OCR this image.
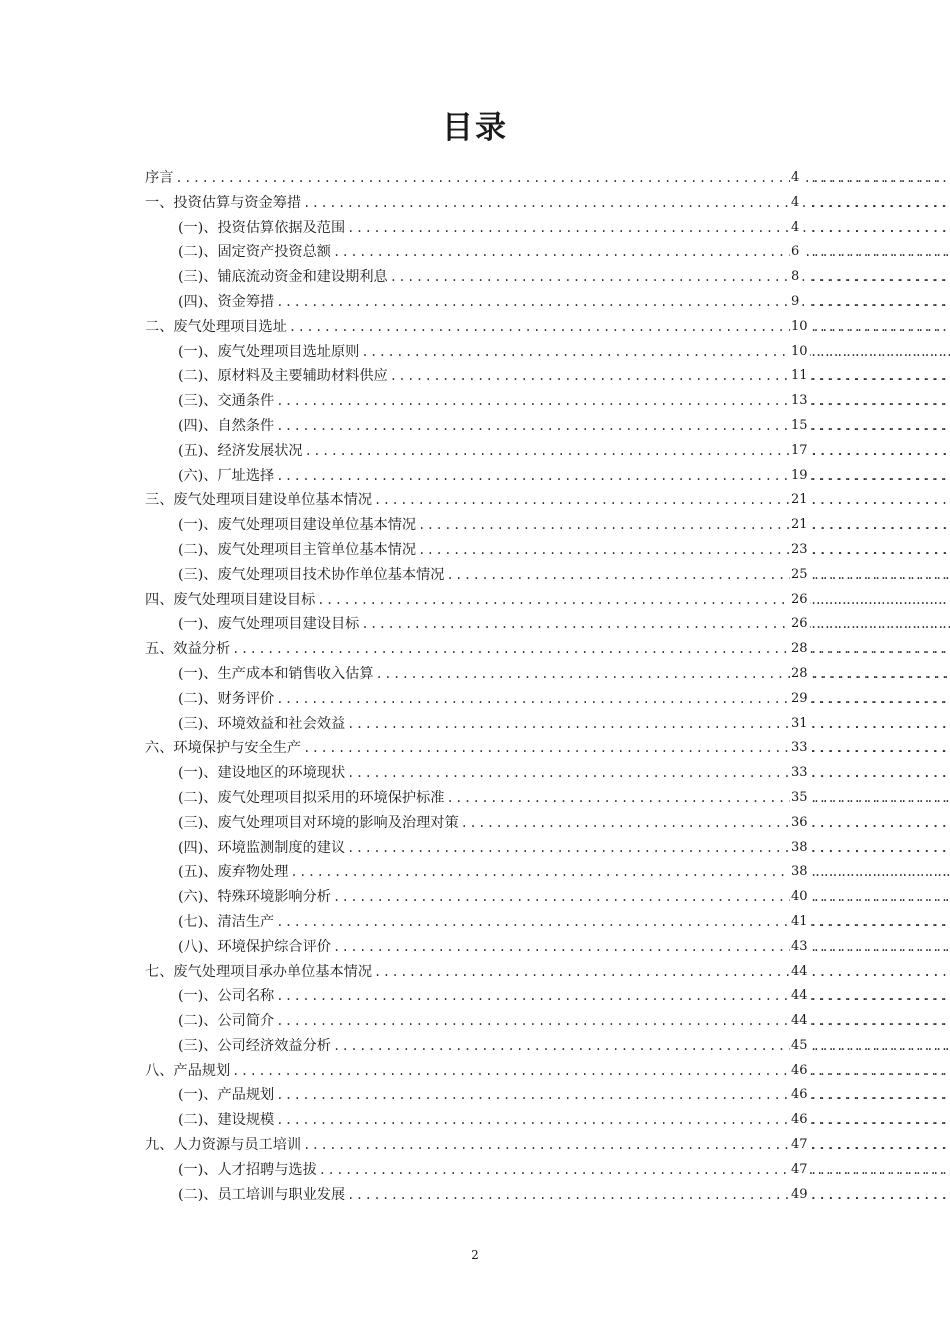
目录
序言 .....	4
.....
一、投资估算与资金筹措 .....	4
.....
(一)、投资估算依据及范围 .....	4
.....
(二)、固定资产投资总额 .....	6
.....
(三)、铺底流动资金和建设期利息 .....	8
.....
(四)、资金筹措 .....	9
.....
二、废气处理项目选址 .....	10
.....
(一)、废气处理项目选址原则 .....	10
.....
(二)、原材料及主要辅助材料供应 .....	11
.....
(三)、交通条件 .....	13
.....
(四)、自然条件 .....	15
.....
(五)、经济发展状况 .....	17
.....
(六)、厂址选择 .....	19
.....
三、废气处理项目建设单位基本情况 .....	21
.....
(一)、废气处理项目建设单位基本情况 .....	21
.....
(二)、废气处理项目主管单位基本情况 .....	23
.....
(三)、废气处理项目技术协作单位基本情况 .....	25
.....
四、废气处理项目建设目标 .....	26
.....
(一)、废气处理项目建设目标 .....	26
.....
五、效益分析 .....	28
.....
(一)、生产成本和销售收入估算 .....	28
.....
(二)、财务评价 .....	29
.....
(三)、环境效益和社会效益 .....	31
.....
六、环境保护与安全生产 .....	33
.....
(一)、建设地区的环境现状 .....	33
.....
(二)、废气处理项目拟采用的环境保护标准 .....	35
.....
(三)、废气处理项目对环境的影响及治理对策 .....	36
.....
(四)、环境监测制度的建议 .....	38
.....
(五)、废弃物处理 .....	38
.....
(六)、特殊环境影响分析 .....	40
.....
(七)、清洁生产 .....	41
.....
(八)、环境保护综合评价 .....	43
.....
七、废气处理项目承办单位基本情况 .....	44
.....
(一)、公司名称 .....	44
.....
(二)、公司简介 .....	44
.....
(三)、公司经济效益分析 .....	45
.....
八、产品规划 .....	46
.....
(一)、产品规划 .....	46
.....
(二)、建设规模 .....	46
.....
九、人力资源与员工培训 .....	47
.....
(一)、人才招聘与选拔 .....	47
.....
(二)、员工培训与职业发展 .....	49
.....
2
